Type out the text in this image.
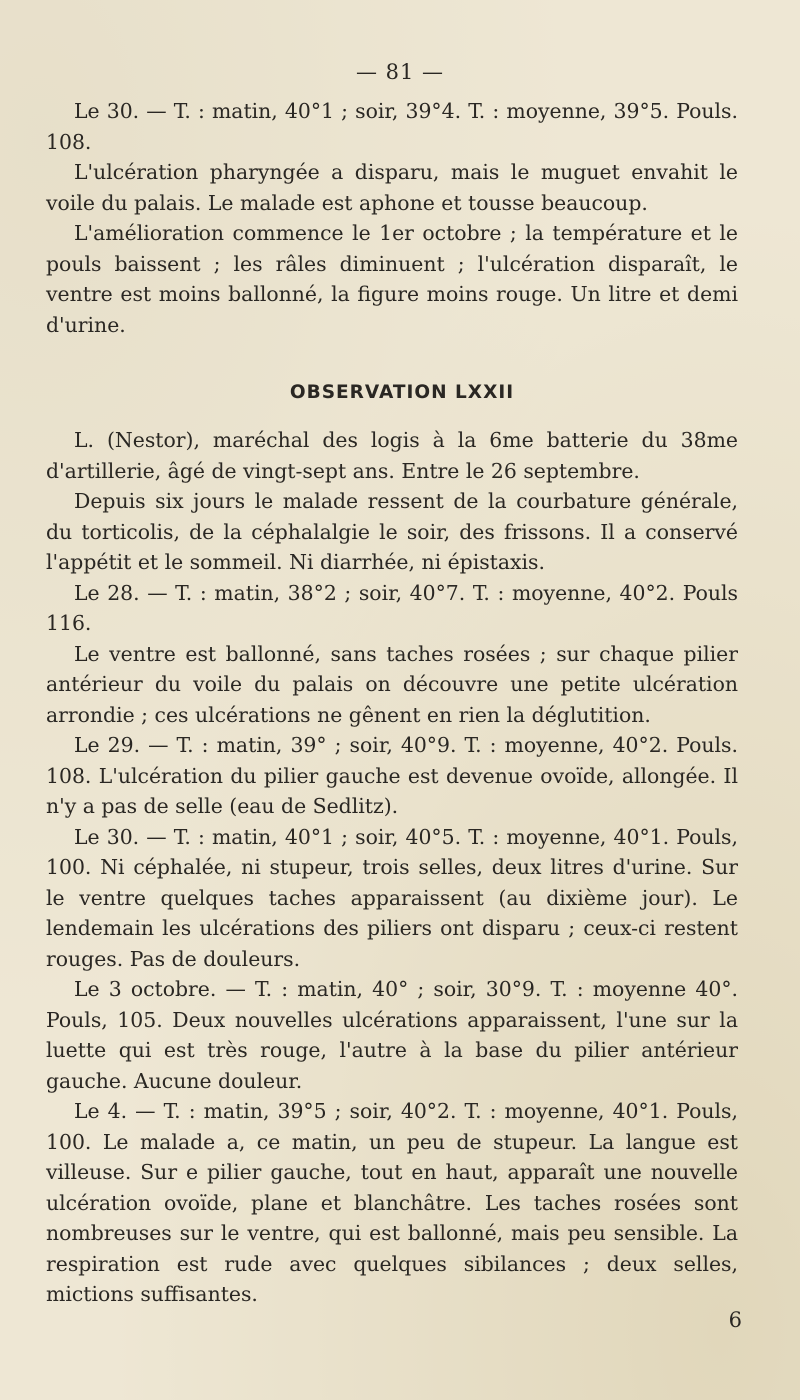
— 81 —

Le 30. — T. : matin, 40°1 ; soir, 39°4. T. : moyenne, 39°5. Pouls. 108.

L'ulcération pharyngée a disparu, mais le muguet envahit le voile du palais. Le malade est aphone et tousse beaucoup.

L'amélioration commence le 1er octobre ; la température et le pouls baissent ; les râles diminuent ; l'ulcération disparaît, le ventre est moins ballonné, la figure moins rouge. Un litre et demi d'urine.

OBSERVATION LXXII

L. (Nestor), maréchal des logis à la 6me batterie du 38me d'artillerie, âgé de vingt-sept ans. Entre le 26 septembre.

Depuis six jours le malade ressent de la courbature générale, du torticolis, de la céphalalgie le soir, des frissons. Il a conservé l'appétit et le sommeil. Ni diarrhée, ni épistaxis.

Le 28. — T. : matin, 38°2 ; soir, 40°7. T. : moyenne, 40°2. Pouls 116.

Le ventre est ballonné, sans taches rosées ; sur chaque pilier antérieur du voile du palais on découvre une petite ulcération arrondie ; ces ulcérations ne gênent en rien la déglutition.

Le 29. — T. : matin, 39° ; soir, 40°9. T. : moyenne, 40°2. Pouls. 108. L'ulcération du pilier gauche est devenue ovoïde, allongée. Il n'y a pas de selle (eau de Sedlitz).

Le 30. — T. : matin, 40°1 ; soir, 40°5. T. : moyenne, 40°1. Pouls, 100. Ni céphalée, ni stupeur, trois selles, deux litres d'urine. Sur le ventre quelques taches apparaissent (au dixième jour). Le lendemain les ulcérations des piliers ont disparu ; ceux-ci restent rouges. Pas de douleurs.

Le 3 octobre. — T. : matin, 40° ; soir, 30°9. T. : moyenne 40°. Pouls, 105. Deux nouvelles ulcérations apparaissent, l'une sur la luette qui est très rouge, l'autre à la base du pilier antérieur gauche. Aucune douleur.

Le 4. — T. : matin, 39°5 ; soir, 40°2. T. : moyenne, 40°1. Pouls, 100. Le malade a, ce matin, un peu de stupeur. La langue est villeuse. Sur e pilier gauche, tout en haut, apparaît une nouvelle ulcération ovoïde, plane et blanchâtre. Les taches rosées sont nombreuses sur le ventre, qui est ballonné, mais peu sensible. La respiration est rude avec quelques sibilances ; deux selles, mictions suffisantes.

6
